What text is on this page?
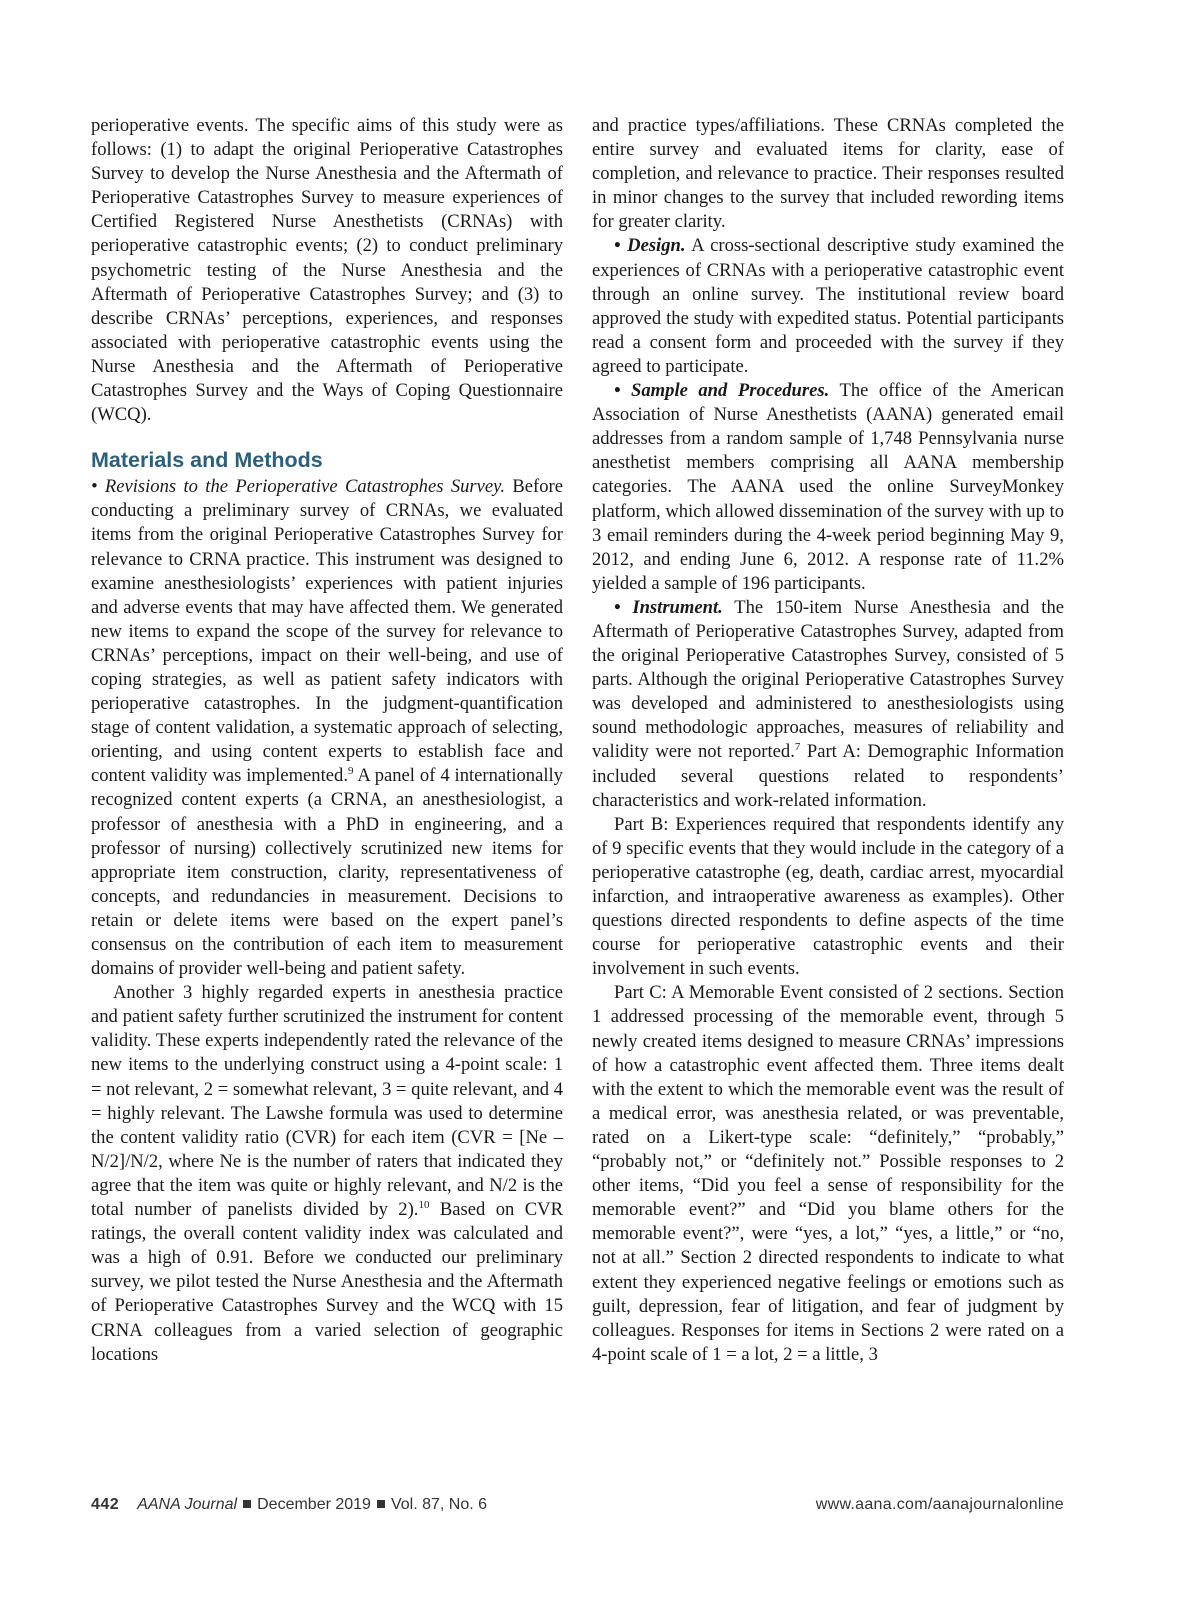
perioperative events. The specific aims of this study were as follows: (1) to adapt the original Perioperative Catastrophes Survey to develop the Nurse Anesthesia and the Aftermath of Perioperative Catastrophes Survey to measure experiences of Certified Registered Nurse Anesthetists (CRNAs) with perioperative catastrophic events; (2) to conduct preliminary psychometric testing of the Nurse Anesthesia and the Aftermath of Perioperative Catastrophes Survey; and (3) to describe CRNAs’ perceptions, experiences, and responses associated with perioperative catastrophic events using the Nurse Anesthesia and the Aftermath of Perioperative Catastrophes Survey and the Ways of Coping Questionnaire (WCQ).

Materials and Methods

• Revisions to the Perioperative Catastrophes Survey. Before conducting a preliminary survey of CRNAs, we evaluated items from the original Perioperative Catastrophes Survey for relevance to CRNA practice. This instrument was designed to examine anesthesiologists’ experiences with patient injuries and adverse events that may have affected them. We generated new items to expand the scope of the survey for relevance to CRNAs’ perceptions, impact on their well-being, and use of coping strategies, as well as patient safety indicators with perioperative catastrophes. In the judgment-quantification stage of content validation, a systematic approach of selecting, orienting, and using content experts to establish face and content validity was implemented.$^9$ A panel of 4 internationally recognized content experts (a CRNA, an anesthesiologist, a professor of anesthesia with a PhD in engineering, and a professor of nursing) collectively scrutinized new items for appropriate item construction, clarity, representativeness of concepts, and redundancies in measurement. Decisions to retain or delete items were based on the expert panel’s consensus on the contribution of each item to measurement domains of provider well-being and patient safety.

Another 3 highly regarded experts in anesthesia practice and patient safety further scrutinized the instrument for content validity. These experts independently rated the relevance of the new items to the underlying construct using a 4-point scale: 1 = not relevant, 2 = somewhat relevant, 3 = quite relevant, and 4 = highly relevant. The Lawshe formula was used to determine the content validity ratio (CVR) for each item (CVR = [Ne – N/2]/N/2, where Ne is the number of raters that indicated they agree that the item was quite or highly relevant, and N/2 is the total number of panelists divided by 2).$^{10}$ Based on CVR ratings, the overall content validity index was calculated and was a high of 0.91. Before we conducted our preliminary survey, we pilot tested the Nurse Anesthesia and the Aftermath of Perioperative Catastrophes Survey and the WCQ with 15 CRNA colleagues from a varied selection of geographic locations

and practice types/affiliations. These CRNAs completed the entire survey and evaluated items for clarity, ease of completion, and relevance to practice. Their responses resulted in minor changes to the survey that included rewording items for greater clarity.

• Design. A cross-sectional descriptive study examined the experiences of CRNAs with a perioperative catastrophic event through an online survey. The institutional review board approved the study with expedited status. Potential participants read a consent form and proceeded with the survey if they agreed to participate.

• Sample and Procedures. The office of the American Association of Nurse Anesthetists (AANA) generated email addresses from a random sample of 1,748 Pennsylvania nurse anesthetist members comprising all AANA membership categories. The AANA used the online SurveyMonkey platform, which allowed dissemination of the survey with up to 3 email reminders during the 4-week period beginning May 9, 2012, and ending June 6, 2012. A response rate of 11.2% yielded a sample of 196 participants.

• Instrument. The 150-item Nurse Anesthesia and the Aftermath of Perioperative Catastrophes Survey, adapted from the original Perioperative Catastrophes Survey, consisted of 5 parts. Although the original Perioperative Catastrophes Survey was developed and administered to anesthesiologists using sound methodologic approaches, measures of reliability and validity were not reported.$^7$ Part A: Demographic Information included several questions related to respondents’ characteristics and work-related information.

Part B: Experiences required that respondents identify any of 9 specific events that they would include in the category of a perioperative catastrophe (eg, death, cardiac arrest, myocardial infarction, and intraoperative awareness as examples). Other questions directed respondents to define aspects of the time course for perioperative catastrophic events and their involvement in such events.

Part C: A Memorable Event consisted of 2 sections. Section 1 addressed processing of the memorable event, through 5 newly created items designed to measure CRNAs’ impressions of how a catastrophic event affected them. Three items dealt with the extent to which the memorable event was the result of a medical error, was anesthesia related, or was preventable, rated on a Likert-type scale: “definitely,” “probably,” “probably not,” or “definitely not.” Possible responses to 2 other items, “Did you feel a sense of responsibility for the memorable event?” and “Did you blame others for the memorable event?”, were “yes, a lot,” “yes, a little,” or “no, not at all.” Section 2 directed respondents to indicate to what extent they experienced negative feelings or emotions such as guilt, depression, fear of litigation, and fear of judgment by colleagues. Responses for items in Sections 2 were rated on a 4-point scale of 1 = a lot, 2 = a little, 3

442 AANA Journal December 2019 Vol. 87, No. 6	www.aana.com/aanajournalonline
